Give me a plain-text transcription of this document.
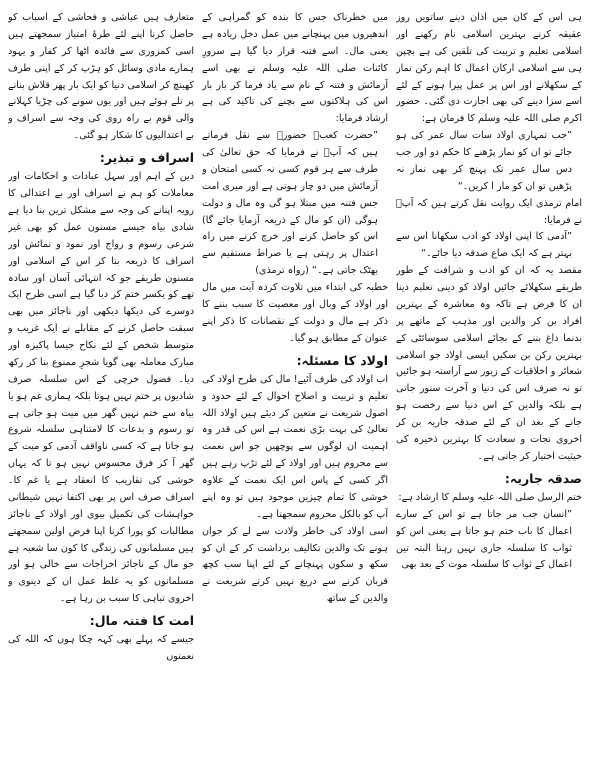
متعارف ہیں عیاشی و فحاشی کے اسباب کو حاصل کرنا اپنے لئے طرۂ امتیاز سمجھتے ہیں اسی کمزوری سے فائدہ اٹھا کر کفار و یہود ہمارے مادی وسائل کو ہڑپ کر کے اپنی طرف کھینچ کر اسلامی دنیا کو ایک بار پھر قلاش بنانے پر تلے ہوئے ہیں اور یوں سونے کی چڑیا کہلانے والی قوم بے راہ روی کی وجہ سے اسراف و بے اعتدالیوں کا شکار ہو گئی۔

اسراف و تبذیر:

دین کے اہم اور سہل عبادات و احکامات اور معاملات کو ہم نے اسراف اور بے اعتدالی کا رویہ اپنانے کی وجہ سے مشکل ترین بنا دیا ہے شادی بیاہ جیسے مسنون عمل کو بھی غیر شرعی رسوم و رواج اور نمود و نمائش اور اسراف کا ذریعہ بنا کر اس کے اسلامی اور مسنون طریقے جو کہ انتہائی آسان اور سادہ تھے کو یکسر ختم کر دیا گیا ہے اسی طرح ایک دوسرے کی دیکھا دیکھی اور ناجائز میں بھی سبقت حاصل کرنے کے مقابلے نے ایک غریب و متوسط شخص کے لئے نکاح جیسا پاکیزہ اور مبارک معاملہ بھی گویا شجرِ ممنوع بنا کر رکھ دیا۔ فضول خرچی کے اس سلسلہ صرف شادیوں پر ختم نہیں ہوتا بلکہ ہماری غم ہو یا بیاہ سے ختم نہیں گھر میں میت ہو جاتی ہے تو رسوم و بدعات کا لامتناہی سلسلہ شروع ہو جاتا ہے کہ کسی ناواقف آدمی کو میت کے گھر آ کر فرق محسوس نہیں ہو تا کہ یہاں خوشی کی تقاریب کا انعقاد ہے یا غم کا۔ اسراف صرف اس پر بھی اکتفا نہیں شیطانی خواہشات کی تکمیل بیوی اور اولاد کے ناجائز مطالبات کو پورا کرنا اپنا فرض اولین سمجھتے ہیں مسلمانوں کی زندگی کا کون سا شعبہ ہے جو مال کے ناجائز اخراجات سے خالی ہو اور مسلمانوں کو یہ غلط عمل ان کے دینوی و اخروی تباہی کا سبب بن رہا ہے۔

امت کا فتنہ مال:

جیسے کہ پہلے بھی کہہ چکا ہوں کہ اللہ کی نعمتوں

میں خطرناک جس کا بندہ کو گمراہی کے اندھیروں میں پہنچانے میں عمل دخل زیادہ ہے یعنی مال۔ اسے فتنہ قرار دیا گیا ہے سرورِ کائنات صلی اللہ علیہ وسلم نے بھی اسے آزمائش و فتنہ کے نام سے یاد فرما کر بار بار اس کی ہلاکتوں سے بچنے کی تاکید کی ہے ارشاد فرمایا:

”حضرت کعبؓ حضورؐ سے نقل فرماتے ہیں کہ آپؐ نے فرمایا کہ حق تعالیٰ کی طرف سے ہر قوم کسی نہ کسی امتحان و آزمائش میں دو چار ہوتی ہے اور میری امت جس فتنہ میں مبتلا ہو گی وہ مال و دولت ہوگی (ان کو مال کے ذریعہ آزمایا جائے گا) اس کو حاصل کرنے اور خرچ کرنے میں راہ اعتدال پر رہتی ہے یا صراط مستقیم سے بھٹک جاتی ہے۔“ (رواہ ترمذی)

خطبہ کی ابتداء میں تلاوت کردہ آیت میں مال اور اولاد کے وبال اور معصیت کا سبب بننے کا ذکر ہے مال و دولت کے نقصانات کا ذکر اپنے عنوان کے مطابق ہو گیا۔

اولاد کا مسئلہ:

اب اولاد کی طرف آئیے! مال کی طرح اولاد کی تعلیم و تربیت و اصلاح احوال کے لئے حدود و اصول شریعت نے متعین کر دیئے ہیں اولاد اللہ تعالیٰ کی بہت بڑی نعمت ہے اس کی قدر وہ اہمیت ان لوگوں سے پوچھیں جو اس نعمت سے محروم ہیں اور اولاد کے لئے تڑپ رہے ہیں اگر کسی کے پاس اس ایک نعمت کے علاوہ خوشی کا تمام چیزیں موجود ہیں تو وہ اپنے آپ کو بالکل محروم سمجھتا ہے۔

اسی اولاد کی خاطر ولادت سے لے کر جوان ہونے تک والدین تکالیف برداشت کر کے ان کو سکھ و سکون پہنچانے کے لئے اپنا سب کچھ قربان کرنے سے دریغ نہیں کرتے شریعت نے والدین کے ساتھ

ہی اس کے کان میں اذان دینے ساتویں روز عقیقہ کرنے بہترین اسلامی نام رکھنے اور اسلامی تعلیم و تربیت کی تلقین کی ہے بچپن ہی سے اسلامی ارکان اعمال کا اہم رکن نماز کے سکھلانے اور اس پر عمل پیرا ہونے کے لئے اسے سزا دینے کی بھی اجازت دی گئی۔ حضور اکرم صلی اللہ علیہ وسلم کا فرمان ہے:

”جب تمہاری اولاد سات سال عمر کی ہو جائے تو ان کو نماز پڑھنے کا حکم دو اور جب دس سال عمر تک پہنچ کر بھی نماز نہ پڑھیں تو ان کو مار ا کریں۔“

امام ترمذی ایک روایت نقل کرتے ہیں کہ آپؐ نے فرمایا:

”آدمی کا اپنی اولاد کو ادب سکھانا اس سے بہتر ہے کہ ایک صاع صدقہ دیا جائے۔“

مقصد یہ کہ ان کو ادب و شرافت کے طور طریقے سکھلائے جائیں اولاد کو دینی تعلیم دینا ان کا فرض ہے تاکہ وہ معاشرہ کے بہترین افراد بن کر والدین اور مذہب کے ماتھے پر بدنما داغ بننے کے بجائے اسلامی سوسائٹی کے بہترین رکن بن سکیں ایسی اولاد جو اسلامی شعائر و اخلاقیات کے زیور سے آراستہ ہو جائیں تو نہ صرف اس کی دنیا و آخرت سنور جاتی ہے بلکہ والدین کے اس دنیا سے رخصت ہو جانے کے بعد ان کے لئے صدقہ جاریہ بن کر اخروی نجات و سعادت کا بہترین ذخیرہ کی حیثیت اختیار کر جاتی ہے۔

صدقہ جاریہ:

ختم الرسل صلی اللہ علیہ وسلم کا ارشاد ہے:

”انسان جب مر جاتا ہے تو اس کے سارے اعمال کا باب ختم ہو جاتا ہے یعنی اس کو ثواب کا سلسلہ جاری نہیں رہتا البتہ تین اعمال کے ثواب کا سلسلہ موت کے بعد بھی
